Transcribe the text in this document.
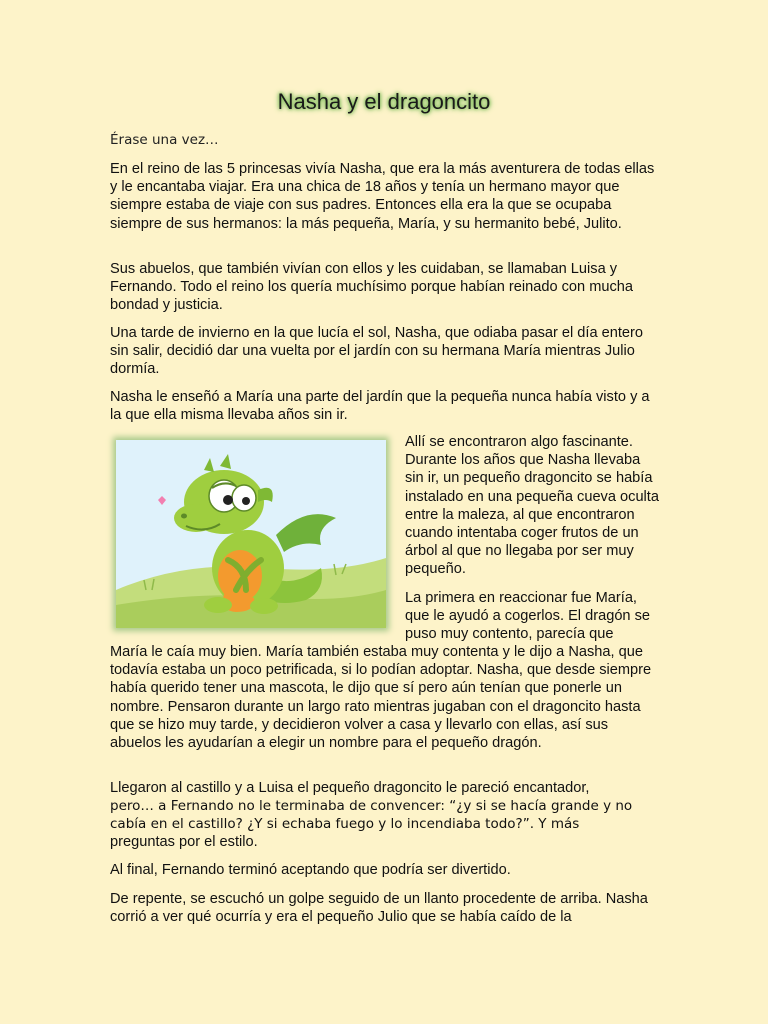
Nasha y el dragoncito
Érase una vez…

En el reino de las 5 princesas vivía Nasha, que era la más aventurera de todas ellas y le encantaba viajar. Era una chica de 18 años y tenía un hermano mayor que siempre estaba de viaje con sus padres. Entonces ella era la que se ocupaba siempre de sus hermanos: la más pequeña, María, y su hermanito bebé, Julito.

Sus abuelos, que también vivían con ellos y les cuidaban, se llamaban Luisa y Fernando. Todo el reino los quería muchísimo porque habían reinado con mucha bondad y justicia.

Una tarde de invierno en la que lucía el sol, Nasha, que odiaba pasar el día entero sin salir, decidió dar una vuelta por el jardín con su hermana María mientras Julio dormía.

Nasha le enseñó a María una parte del jardín que la pequeña nunca había visto y a la que ella misma llevaba años sin ir.

Allí se encontraron algo fascinante. Durante los años que Nasha llevaba sin ir, un pequeño dragoncito se había instalado en una pequeña cueva oculta entre la maleza, al que encontraron cuando intentaba coger frutos de un árbol al que no llegaba por ser muy pequeño.

La primera en reaccionar fue María, que le ayudó a cogerlos. El dragón se puso muy contento, parecía que

María le caía muy bien. María también estaba muy contenta y le dijo a Nasha, que todavía estaba un poco petrificada, si lo podían adoptar. Nasha, que desde siempre había querido tener una mascota, le dijo que sí pero aún tenían que ponerle un nombre. Pensaron durante un largo rato mientras jugaban con el dragoncito hasta que se hizo muy tarde, y decidieron volver a casa y llevarlo con ellas, así sus abuelos les ayudarían a elegir un nombre para el pequeño dragón.

Llegaron al castillo y a Luisa el pequeño dragoncito le pareció encantador,

pero… a Fernando no le terminaba de convencer: “¿y si se hacía grande y no cabía en el castillo? ¿Y si echaba fuego y lo incendiaba todo?”. Y más

preguntas por el estilo.

Al final, Fernando terminó aceptando que podría ser divertido.

De repente, se escuchó un golpe seguido de un llanto procedente de arriba. Nasha corrió a ver qué ocurría y era el pequeño Julio que se había caído de la
